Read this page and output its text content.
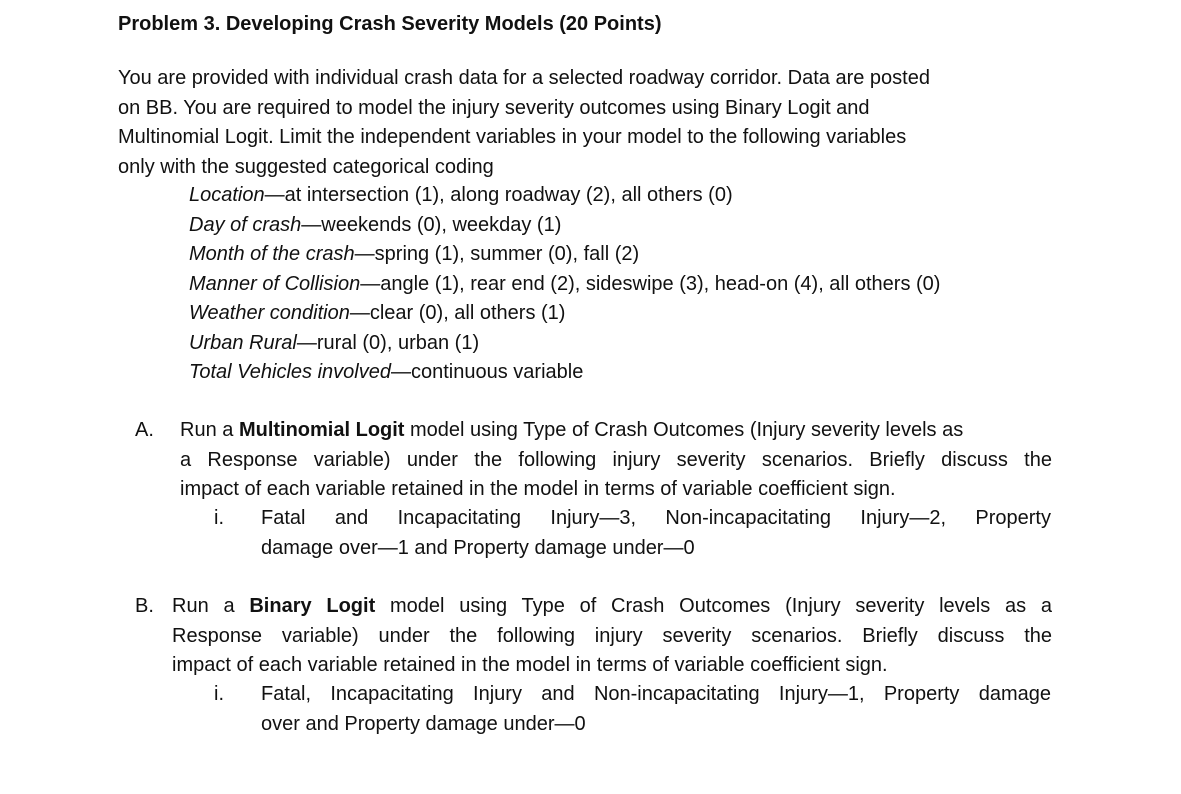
Problem 3. Developing Crash Severity Models (20 Points)

You are provided with individual crash data for a selected roadway corridor. Data are posted

on BB. You are required to model the injury severity outcomes using Binary Logit and

Multinomial Logit. Limit the independent variables in your model to the following variables

only with the suggested categorical coding

Location—at intersection (1), along roadway (2), all others (0)
Day of crash—weekends (0), weekday (1)
Month of the crash—spring (1), summer (0), fall (2)
Manner of Collision—angle (1), rear end (2), sideswipe (3), head-on (4), all others (0)
Weather condition—clear (0), all others (1)
Urban Rural—rural (0), urban (1)
Total Vehicles involved—continuous variable
A. Run a Multinomial Logit model using Type of Crash Outcomes (Injury severity levels as
a Response variable) under the following injury severity scenarios. Briefly discuss the
impact of each variable retained in the model in terms of variable coefficient sign.
i. Fatal and Incapacitating Injury—3, Non-incapacitating Injury—2, Property
damage over—1 and Property damage under—0
B. Run a Binary Logit model using Type of Crash Outcomes (Injury severity levels as a
Response variable) under the following injury severity scenarios. Briefly discuss the
impact of each variable retained in the model in terms of variable coefficient sign.
i. Fatal, Incapacitating Injury and Non-incapacitating Injury—1, Property damage
over and Property damage under—0
